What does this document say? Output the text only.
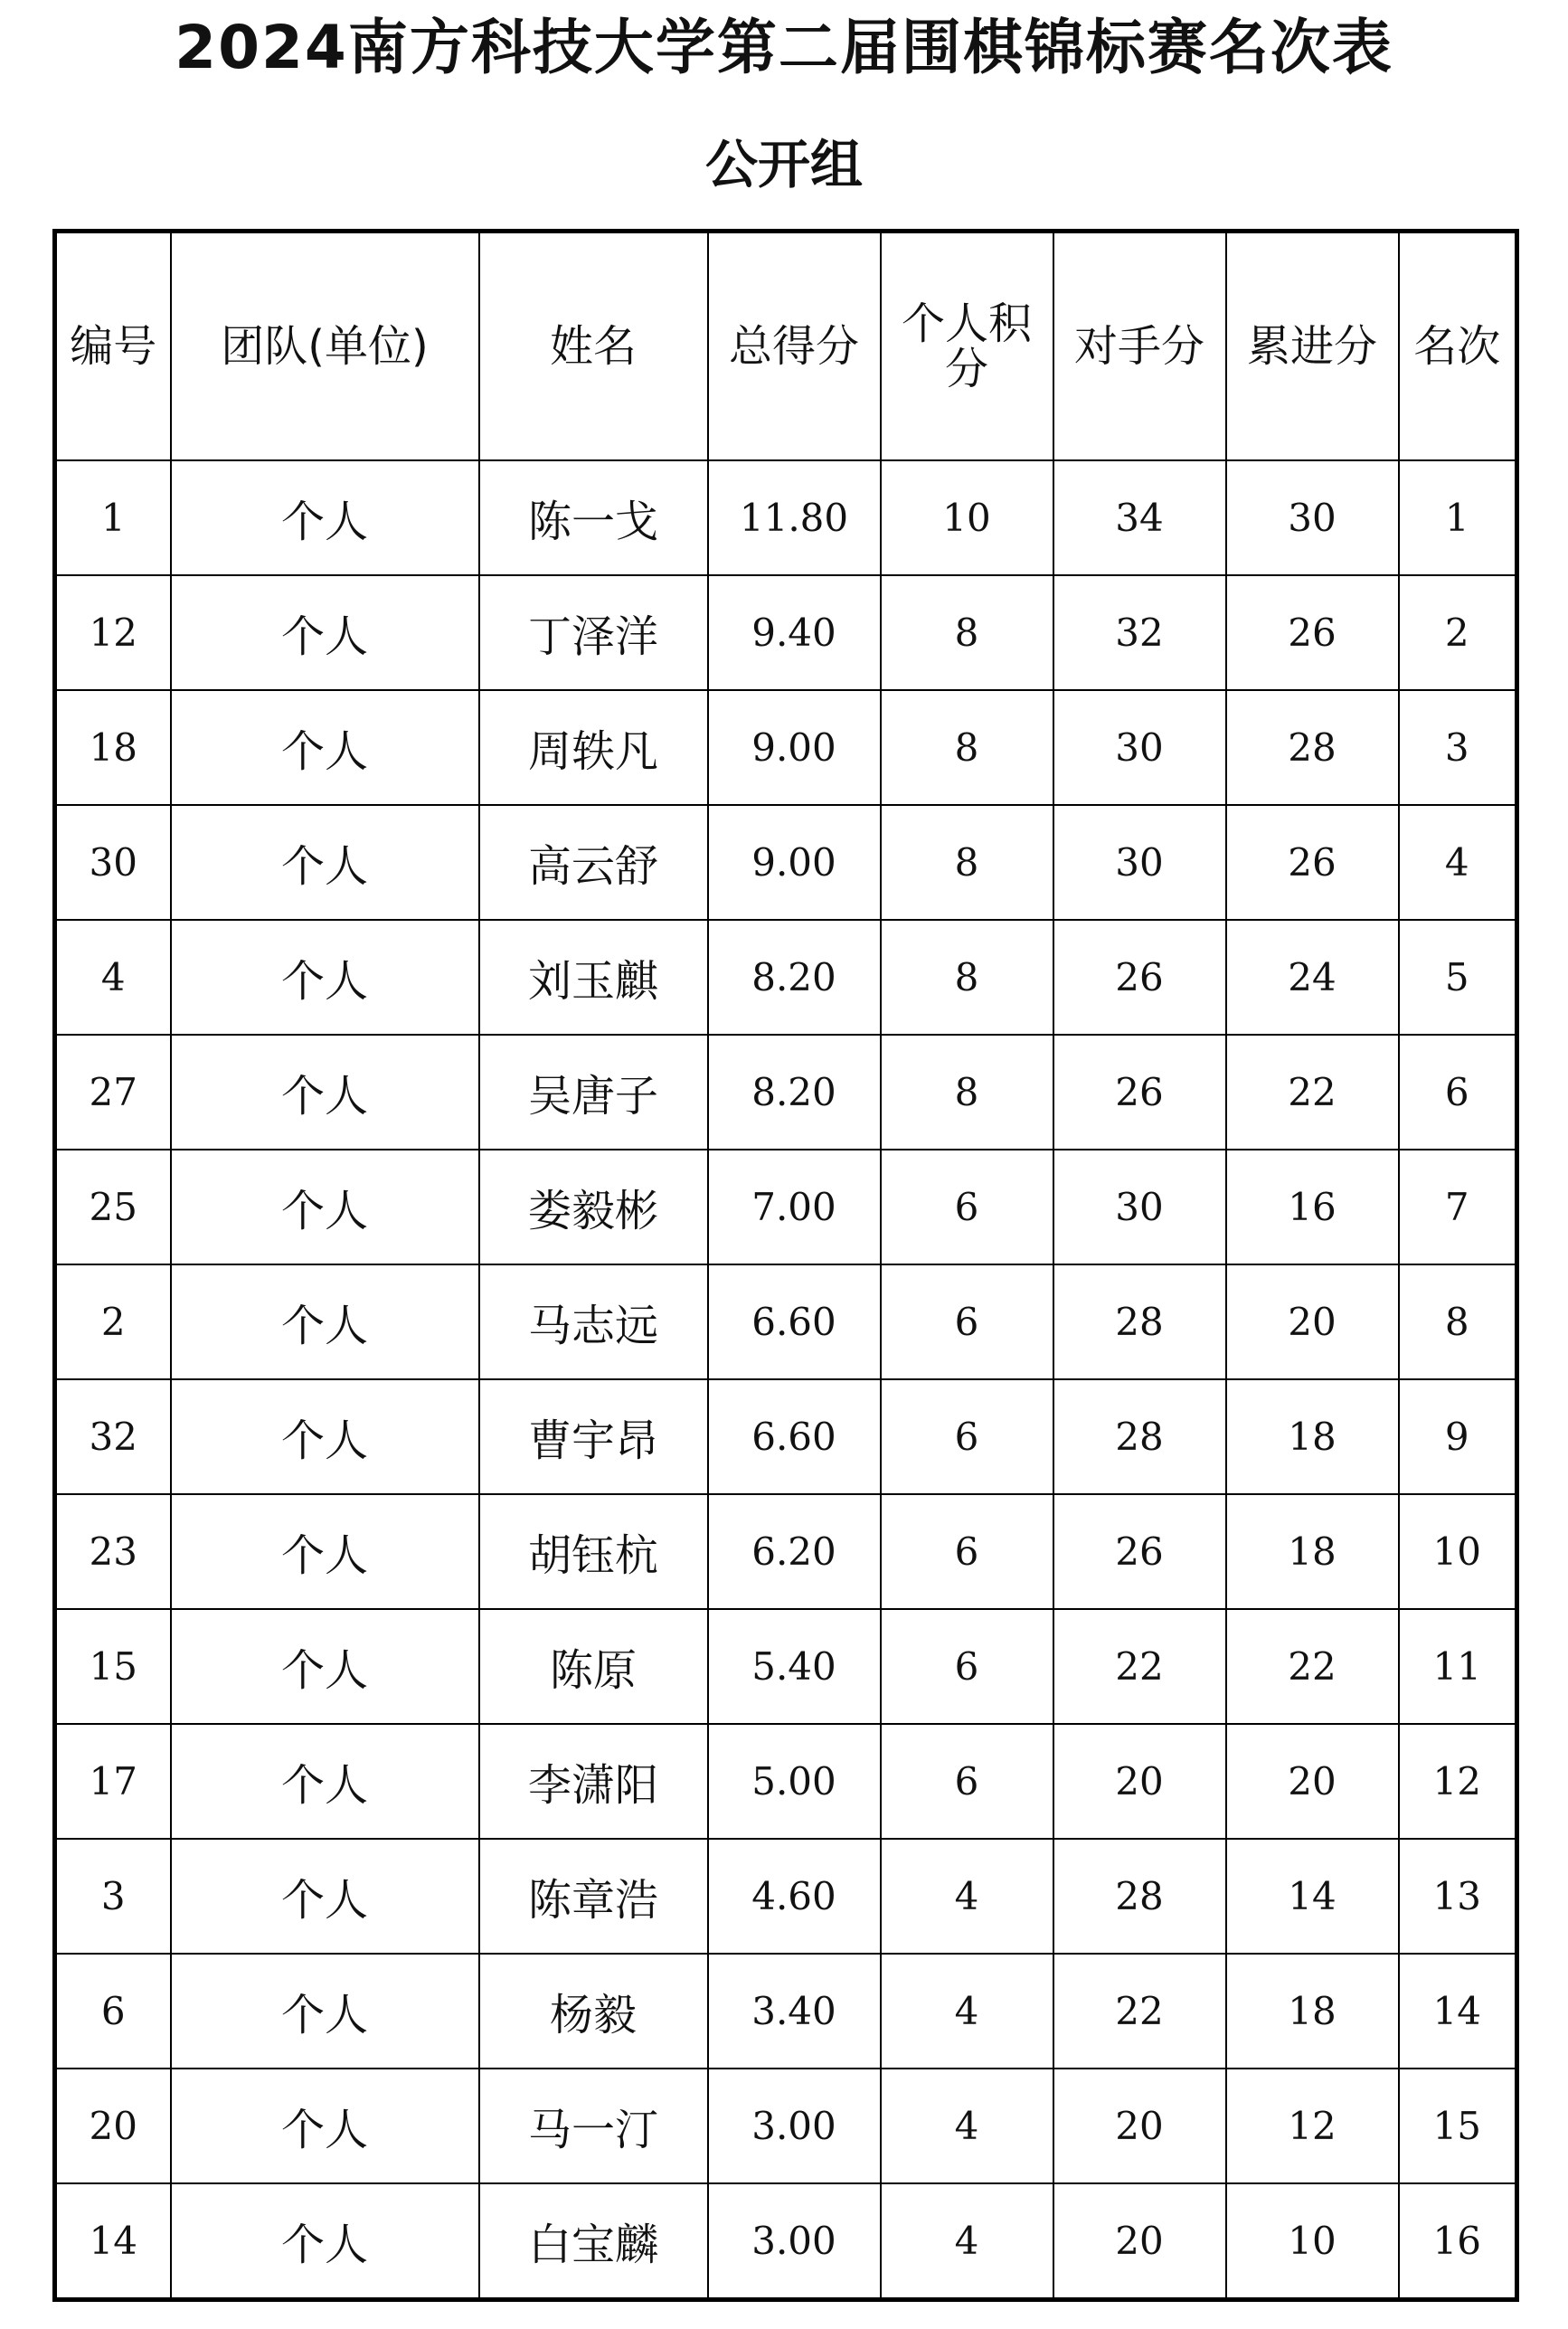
2024南方科技大学第二届围棋锦标赛名次表
公开组
编号	团队(单位)	姓名	总得分	个人积分	对手分	累进分	名次
1	个人	陈一戈	11.80	10	34	30	1
12	个人	丁泽洋	9.40	8	32	26	2
18	个人	周轶凡	9.00	8	30	28	3
30	个人	高云舒	9.00	8	30	26	4
4	个人	刘玉麒	8.20	8	26	24	5
27	个人	吴唐子	8.20	8	26	22	6
25	个人	娄毅彬	7.00	6	30	16	7
2	个人	马志远	6.60	6	28	20	8
32	个人	曹宇昂	6.60	6	28	18	9
23	个人	胡钰杭	6.20	6	26	18	10
15	个人	陈原	5.40	6	22	22	11
17	个人	李潇阳	5.00	6	20	20	12
3	个人	陈章浩	4.60	4	28	14	13
6	个人	杨毅	3.40	4	22	18	14
20	个人	马一汀	3.00	4	20	12	15
14	个人	白宝麟	3.00	4	20	10	16
